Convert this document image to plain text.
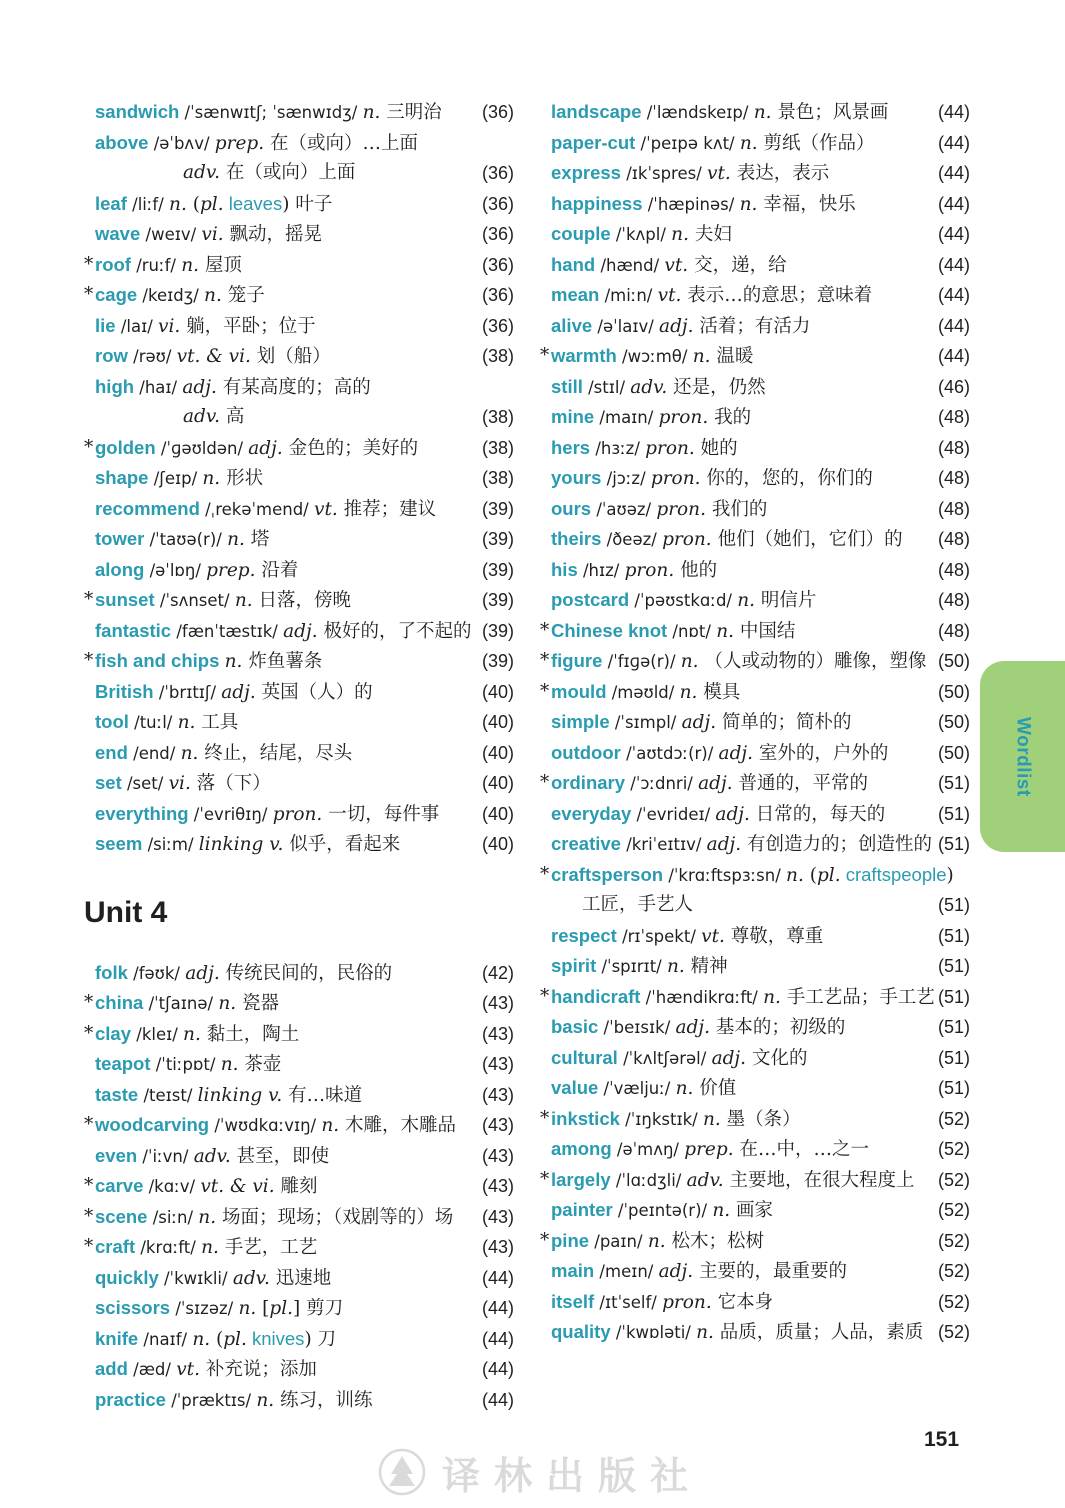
sandwich /ˈsænwɪtʃ; ˈsænwɪdʒ/ n. 三明治 (36)
above /əˈbʌv/ prep. 在（或向）…上面
adv. 在（或向）上面	(36)
leaf /liːf/ n. (pl. leaves) 叶子	(36)
wave /weɪv/ vi. 飘动，摇晃	(36)
* roof /ruːf/ n. 屋顶	(36)
* cage /keɪdʒ/ n. 笼子	(36)
lie /laɪ/ vi. 躺，平卧；位于	(36)
row /rəʊ/ vt. & vi. 划（船）	(38)
high /haɪ/ adj. 有某高度的；高的
adv. 高	(38)
* golden /ˈɡəʊldən/ adj. 金色的；美好的	(38)
shape /ʃeɪp/ n. 形状	(38)
recommend /ˌrekəˈmend/ vt. 推荐；建议	(39)
tower /ˈtaʊə(r)/ n. 塔	(39)
along /əˈlɒŋ/ prep. 沿着	(39)
* sunset /ˈsʌnset/ n. 日落，傍晚	(39)
fantastic /fænˈtæstɪk/ adj. 极好的，了不起的 (39)
* fish and chips n. 炸鱼薯条	(39)
British /ˈbrɪtɪʃ/ adj. 英国（人）的	(40)
tool /tuːl/ n. 工具	(40)
end /end/ n. 终止，结尾，尽头	(40)
set /set/ vi. 落（下）	(40)
everything /ˈevriθɪŋ/ pron. 一切，每件事 (40)
seem /siːm/ linking v. 似乎，看起来	(40)
Unit 4
folk /fəʊk/ adj. 传统民间的，民俗的	(42)
* china /ˈtʃaɪnə/ n. 瓷器	(43)
* clay /kleɪ/ n. 黏土，陶土	(43)
teapot /ˈtiːpɒt/ n. 茶壶	(43)
taste /teɪst/ linking v. 有…味道	(43)
* woodcarving /ˈwʊdkɑːvɪŋ/ n. 木雕，木雕品 (43)
even /ˈiːvn/ adv. 甚至，即使	(43)
* carve /kɑːv/ vt. & vi. 雕刻	(43)
* scene /siːn/ n. 场面；现场；（戏剧等的）场 (43)
* craft /krɑːft/ n. 手艺，工艺	(43)
quickly /ˈkwɪkli/ adv. 迅速地	(44)
scissors /ˈsɪzəz/ n. [pl.] 剪刀	(44)
knife /naɪf/ n. (pl. knives) 刀	(44)
add /æd/ vt. 补充说；添加	(44)
practice /ˈpræktɪs/ n. 练习，训练	(44)
landscape /ˈlændskeɪp/ n. 景色；风景画	(44)
paper-cut /ˈpeɪpə kʌt/ n. 剪纸（作品）	(44)
express /ɪkˈspres/ vt. 表达，表示	(44)
happiness /ˈhæpinəs/ n. 幸福，快乐	(44)
couple /ˈkʌpl/ n. 夫妇	(44)
hand /hænd/ vt. 交，递，给	(44)
mean /miːn/ vt. 表示…的意思；意味着	(44)
alive /əˈlaɪv/ adj. 活着；有活力	(44)
* warmth /wɔːmθ/ n. 温暖	(44)
still /stɪl/ adv. 还是，仍然	(46)
mine /maɪn/ pron. 我的	(48)
hers /hɜːz/ pron. 她的	(48)
yours /jɔːz/ pron. 你的，您的，你们的	(48)
ours /ˈaʊəz/ pron. 我们的	(48)
theirs /ðeəz/ pron. 他们（她们，它们）的 (48)
his /hɪz/ pron. 他的	(48)
postcard /ˈpəʊstkɑːd/ n. 明信片	(48)
* Chinese knot /nɒt/ n. 中国结	(48)
* figure /ˈfɪɡə(r)/ n. （人或动物的）雕像，塑像 (50)
* mould /məʊld/ n. 模具	(50)
simple /ˈsɪmpl/ adj. 简单的；简朴的	(50)
outdoor /ˈaʊtdɔː(r)/ adj. 室外的，户外的	(50)
* ordinary /ˈɔːdnri/ adj. 普通的，平常的	(51)
everyday /ˈevrideɪ/ adj. 日常的，每天的	(51)
creative /kriˈeɪtɪv/ adj. 有创造力的；创造性的 (51)
* craftsperson /ˈkrɑːftspɜːsn/ n. (pl. craftspeople)
工匠，手艺人	(51)
respect /rɪˈspekt/ vt. 尊敬，尊重	(51)
spirit /ˈspɪrɪt/ n. 精神	(51)
* handicraft /ˈhændikrɑːft/ n. 手工艺品；手工艺 (51)
basic /ˈbeɪsɪk/ adj. 基本的；初级的	(51)
cultural /ˈkʌltʃərəl/ adj. 文化的	(51)
value /ˈvæljuː/ n. 价值	(51)
* inkstick /ˈɪŋkstɪk/ n. 墨（条）	(52)
among /əˈmʌŋ/ prep. 在…中，…之一	(52)
* largely /ˈlɑːdʒli/ adv. 主要地，在很大程度上 (52)
painter /ˈpeɪntə(r)/ n. 画家	(52)
* pine /paɪn/ n. 松木；松树	(52)
main /meɪn/ adj. 主要的，最重要的	(52)
itself /ɪtˈself/ pron. 它本身	(52)
quality /ˈkwɒləti/ n. 品质，质量；人品，素质 (52)
Wordlist
151
译林出版社
